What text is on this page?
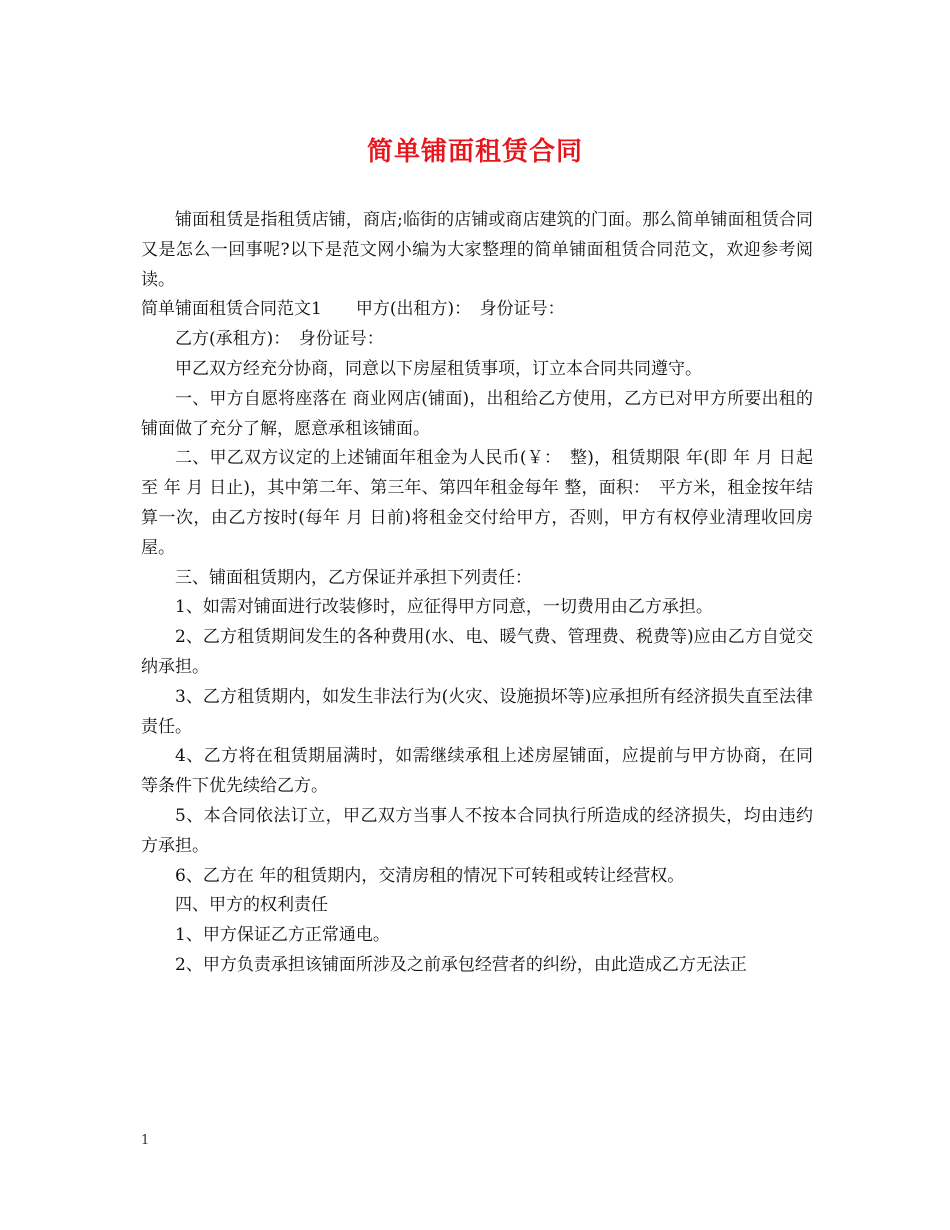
简单铺面租赁合同

铺面租赁是指租赁店铺，商店;临街的店铺或商店建筑的门面。那么简单铺面租赁合同又是怎么一回事呢?以下是范文网小编为大家整理的简单铺面租赁合同范文，欢迎参考阅读。

简单铺面租赁合同范文1　　甲方(出租方)：　身份证号：

乙方(承租方)：　身份证号：

甲乙双方经充分协商，同意以下房屋租赁事项，订立本合同共同遵守。

一、甲方自愿将座落在 商业网店(铺面)，出租给乙方使用，乙方已对甲方所要出租的铺面做了充分了解，愿意承租该铺面。

二、甲乙双方议定的上述铺面年租金为人民币(￥：　整)，租赁期限 年(即 年 月 日起至 年 月 日止)，其中第二年、第三年、第四年租金每年 整，面积：　平方米，租金按年结算一次，由乙方按时(每年 月 日前)将租金交付给甲方，否则，甲方有权停业清理收回房屋。

三、铺面租赁期内，乙方保证并承担下列责任：

1、如需对铺面进行改装修时，应征得甲方同意，一切费用由乙方承担。

2、乙方租赁期间发生的各种费用(水、电、暖气费、管理费、税费等)应由乙方自觉交纳承担。

3、乙方租赁期内，如发生非法行为(火灾、设施损坏等)应承担所有经济损失直至法律责任。

4、乙方将在租赁期届满时，如需继续承租上述房屋铺面，应提前与甲方协商，在同等条件下优先续给乙方。

5、本合同依法订立，甲乙双方当事人不按本合同执行所造成的经济损失，均由违约方承担。

6、乙方在 年的租赁期内，交清房租的情况下可转租或转让经营权。

四、甲方的权利责任

1、甲方保证乙方正常通电。

2、甲方负责承担该铺面所涉及之前承包经营者的纠纷，由此造成乙方无法正

1
